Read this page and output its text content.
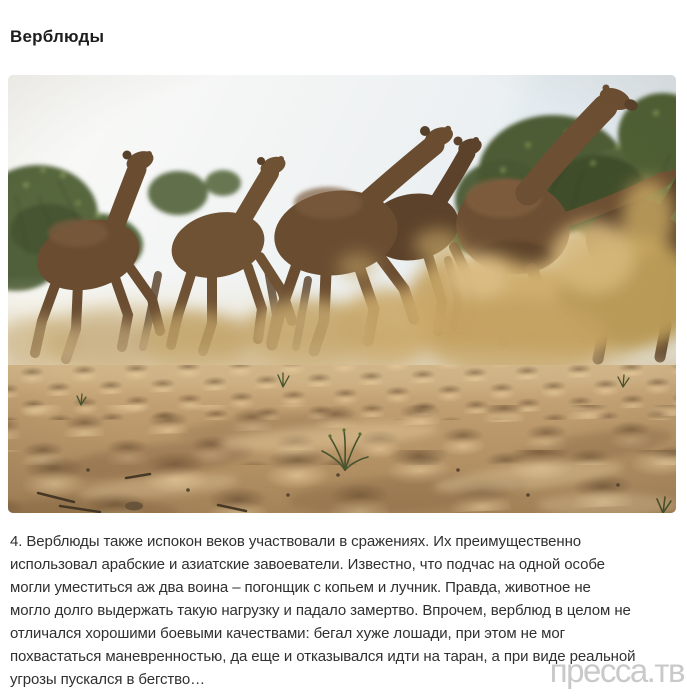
Верблюды
пресса.тв
4. Верблюды также испокон веков участвовали в сражениях. Их преимущественно
использовал арабские и азиатские завоеватели. Известно, что подчас на одной особе
могли уместиться аж два воина – погонщик с копьем и лучник. Правда, животное не
могло долго выдержать такую нагрузку и падало замертво. Впрочем, верблюд в целом не
отличался хорошими боевыми качествами: бегал хуже лошади, при этом не мог
похвастаться маневренностью, да еще и отказывался идти на таран, а при виде реальной
угрозы пускался в бегство…
